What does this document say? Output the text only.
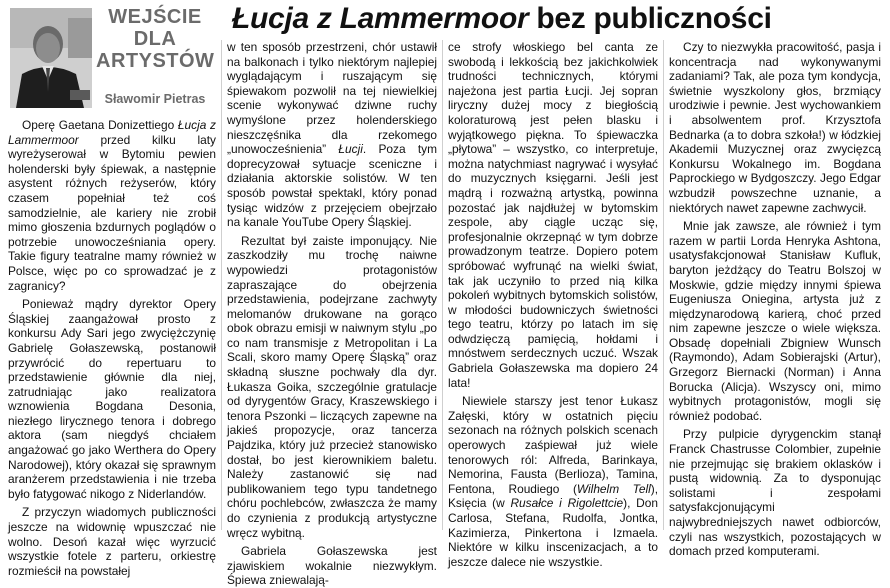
WEJŚCIE
DLA
ARTYSTÓW
Sławomir Pietras
Łucja z Lammermoor bez publiczności

Operę Gaetana Donizettiego Łucja z Lammermoor przed kilku laty wyreżyserował w Bytomiu pewien holenderski były śpiewak, a następnie asystent różnych reżyserów, który czasem popełniał też coś samodzielnie, ale kariery nie zrobił mimo głoszenia bzdurnych poglądów o potrzebie unowocześniania opery. Takie figury teatralne mamy również w Polsce, więc po co sprowadzać je z zagranicy?

Ponieważ mądry dyrektor Opery Śląskiej zaangażował prosto z konkursu Ady Sari jego zwyciężczynię Gabrielę Gołaszewską, postanowił przywrócić do repertuaru to przedstawienie głównie dla niej, zatrudniając jako realizatora wznowienia Bogdana Desonia, niezłego lirycznego tenora i dobrego aktora (sam niegdyś chciałem angażować go jako Werthera do Opery Narodowej), który okazał się sprawnym aranżerem przedstawienia i nie trzeba było fatygować nikogo z Niderlandów.

Z przyczyn wiadomych publiczności jeszcze na widownię wpuszczać nie wolno. Desoń kazał więc wyrzucić wszystkie fotele z parteru, orkiestrę rozmieścił na powstałej

w ten sposób przestrzeni, chór ustawił na balkonach i tylko niektórym najlepiej wyglądającym i ruszającym się śpiewakom pozwolił na tej niewielkiej scenie wykonywać dziwne ruchy wymyślone przez holenderskiego nieszczęśnika dla rzekomego „unowocześnienia” Łucji. Poza tym doprecyzował sytuacje sceniczne i działania aktorskie solistów. W ten sposób powstał spektakl, który ponad tysiąc widzów z przejęciem obejrzało na kanale YouTube Opery Śląskiej.

Rezultat był zaiste imponujący. Nie zaszkodziły mu trochę naiwne wypowiedzi protagonistów zapraszające do obejrzenia przedstawienia, podejrzane zachwyty melomanów drukowane na gorąco obok obrazu emisji w naiwnym stylu „po co nam transmisje z Metropolitan i La Scali, skoro mamy Operę Śląską” oraz składną słuszne pochwały dla dyr. Łukasza Goika, szczególnie gratulacje od dyrygentów Gracy, Kraszewskiego i tenora Pszonki – liczących zapewne na jakieś propozycje, oraz tancerza Pajdzika, który już przecież stanowisko dostał, bo jest kierownikiem baletu. Należy zastanowić się nad publikowaniem tego typu tandetnego chóru pochlebców, zwłaszcza że mamy do czynienia z produkcją artystyczne wręcz wybitną.

Gabriela Gołaszewska jest zjawiskiem wokalnie niezwykłym. Śpiewa zniewalają-

ce strofy włoskiego bel canta ze swobodą i lekkością bez jakichkolwiek trudności technicznych, którymi najeżona jest partia Łucji. Jej sopran liryczny dużej mocy z biegłością koloraturową jest pełen blasku i wyjątkowego piękna. To śpiewaczka „płytowa” – wszystko, co interpretuje, można natychmiast nagrywać i wysyłać do muzycznych księgarni. Jeśli jest mądrą i rozważną artystką, powinna pozostać jak najdłużej w bytomskim zespole, aby ciągle ucząc się, profesjonalnie okrzepnąć w tym dobrze prowadzonym teatrze. Dopiero potem spróbować wyfrunąć na wielki świat, tak jak uczyniło to przed nią kilka pokoleń wybitnych bytomskich solistów, w młodości budowniczych świetności tego teatru, którzy po latach im się odwdzięczą pamięcią, hołdami i mnóstwem serdecznych uczuć. Wszak Gabriela Gołaszewska ma dopiero 24 lata!

Niewiele starszy jest tenor Łukasz Załęski, który w ostatnich pięciu sezonach na różnych polskich scenach operowych zaśpiewał już wiele tenorowych ról: Alfreda, Barinkaya, Nemorina, Fausta (Berlioza), Tamina, Fentona, Roudiego (Wilhelm Tell), Księcia (w Rusałce i Rigolettcie), Don Carlosa, Stefana, Rudolfa, Jontka, Kazimierza, Pinkertona i Izmaela. Niektóre w kilku inscenizacjach, a to jeszcze dalece nie wszystkie.

Czy to niezwykła pracowitość, pasja i koncentracja nad wykonywanymi zadaniami? Tak, ale poza tym kondycja, świetnie wyszkolony głos, brzmiący urodziwie i pewnie. Jest wychowankiem i absolwentem prof. Krzysztofa Bednarka (a to dobra szkoła!) w łódzkiej Akademii Muzycznej oraz zwycięzcą Konkursu Wokalnego im. Bogdana Paprockiego w Bydgoszczy. Jego Edgar wzbudził powszechne uznanie, a niektórych nawet zapewne zachwycił.

Mnie jak zawsze, ale również i tym razem w partii Lorda Henryka Ashtona, usatysfakcjonował Stanisław Kufluk, baryton jeżdżący do Teatru Bolszoj w Moskwie, gdzie między innymi śpiewa Eugeniusza Oniegina, artysta już z międzynarodową karierą, choć przed nim zapewne jeszcze o wiele większa. Obsadę dopełniali Zbigniew Wunsch (Raymondo), Adam Sobierajski (Artur), Grzegorz Biernacki (Norman) i Anna Borucka (Alicja). Wszyscy oni, mimo wybitnych protagonistów, mogli się również podobać.

Przy pulpicie dyrygenckim stanął Franck Chastrusse Colombier, zupełnie nie przejmując się brakiem oklasków i pustą widownią. Za to dysponując solistami i zespołami satysfakcjonującymi najwybredniejszych nawet odbiorców, czyli nas wszystkich, pozostających w domach przed komputerami.
